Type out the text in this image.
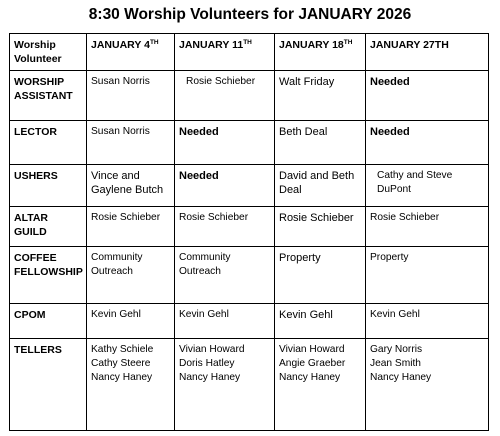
8:30 Worship Volunteers for JANUARY 2026
Worship
Volunteer	JANUARY 4TH	JANUARY 11TH	JANUARY 18TH	JANUARY 27TH

WORSHIP
ASSISTANT	Susan Norris	Rosie Schieber	Walt Friday	Needed

LECTOR	Susan Norris	Needed	Beth Deal	Needed

USHERS	Vince and
Gaylene Butch	Needed	David and Beth
Deal	Cathy and Steve DuPont

ALTAR
GUILD	Rosie Schieber	Rosie Schieber	Rosie Schieber	Rosie Schieber

COFFEE
FELLOWSHIP	Community
Outreach	Community
Outreach	Property	Property

CPOM	Kevin Gehl	Kevin Gehl	Kevin Gehl	Kevin Gehl

TELLERS	Kathy Schiele
Cathy Steere
Nancy Haney	Vivian Howard
Doris Hatley
Nancy Haney	Vivian Howard
Angie Graeber
Nancy Haney	Gary Norris
Jean Smith
Nancy Haney
